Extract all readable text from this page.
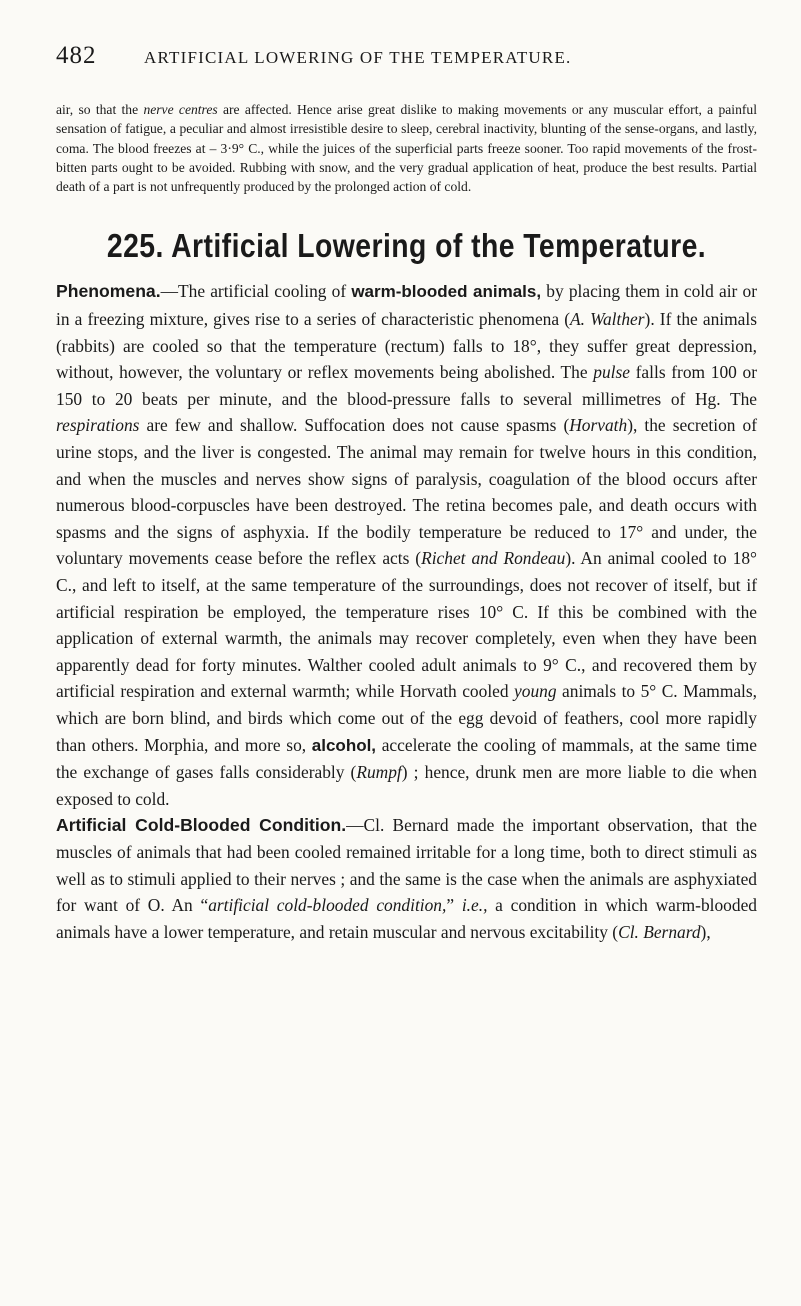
482	ARTIFICIAL LOWERING OF THE TEMPERATURE.

air, so that the nerve centres are affected. Hence arise great dislike to making movements or any muscular effort, a painful sensation of fatigue, a peculiar and almost irresistible desire to sleep, cerebral inactivity, blunting of the sense-organs, and lastly, coma. The blood freezes at – 3·9° C., while the juices of the superficial parts freeze sooner. Too rapid movements of the frost-bitten parts ought to be avoided. Rubbing with snow, and the very gradual application of heat, produce the best results. Partial death of a part is not unfrequently produced by the prolonged action of cold.

225. Artificial Lowering of the Temperature.

Phenomena.—The artificial cooling of warm-blooded animals, by placing them in cold air or in a freezing mixture, gives rise to a series of characteristic phenomena (A. Walther). If the animals (rabbits) are cooled so that the temperature (rectum) falls to 18°, they suffer great depression, without, however, the voluntary or reflex movements being abolished. The pulse falls from 100 or 150 to 20 beats per minute, and the blood-pressure falls to several millimetres of Hg. The respirations are few and shallow. Suffocation does not cause spasms (Horvath), the secretion of urine stops, and the liver is congested. The animal may remain for twelve hours in this condition, and when the muscles and nerves show signs of paralysis, coagulation of the blood occurs after numerous blood-corpuscles have been destroyed. The retina becomes pale, and death occurs with spasms and the signs of asphyxia. If the bodily temperature be reduced to 17° and under, the voluntary movements cease before the reflex acts (Richet and Rondeau). An animal cooled to 18° C., and left to itself, at the same temperature of the surroundings, does not recover of itself, but if artificial respiration be employed, the temperature rises 10° C. If this be combined with the application of external warmth, the animals may recover completely, even when they have been apparently dead for forty minutes. Walther cooled adult animals to 9° C., and recovered them by artificial respiration and external warmth; while Horvath cooled young animals to 5° C. Mammals, which are born blind, and birds which come out of the egg devoid of feathers, cool more rapidly than others. Morphia, and more so, alcohol, accelerate the cooling of mammals, at the same time the exchange of gases falls considerably (Rumpf) ; hence, drunk men are more liable to die when exposed to cold.

Artificial Cold-Blooded Condition.—Cl. Bernard made the important observation, that the muscles of animals that had been cooled remained irritable for a long time, both to direct stimuli as well as to stimuli applied to their nerves ; and the same is the case when the animals are asphyxiated for want of O. An “artificial cold-blooded condition,” i.e., a condition in which warm-blooded animals have a lower temperature, and retain muscular and nervous excitability (Cl. Bernard),
